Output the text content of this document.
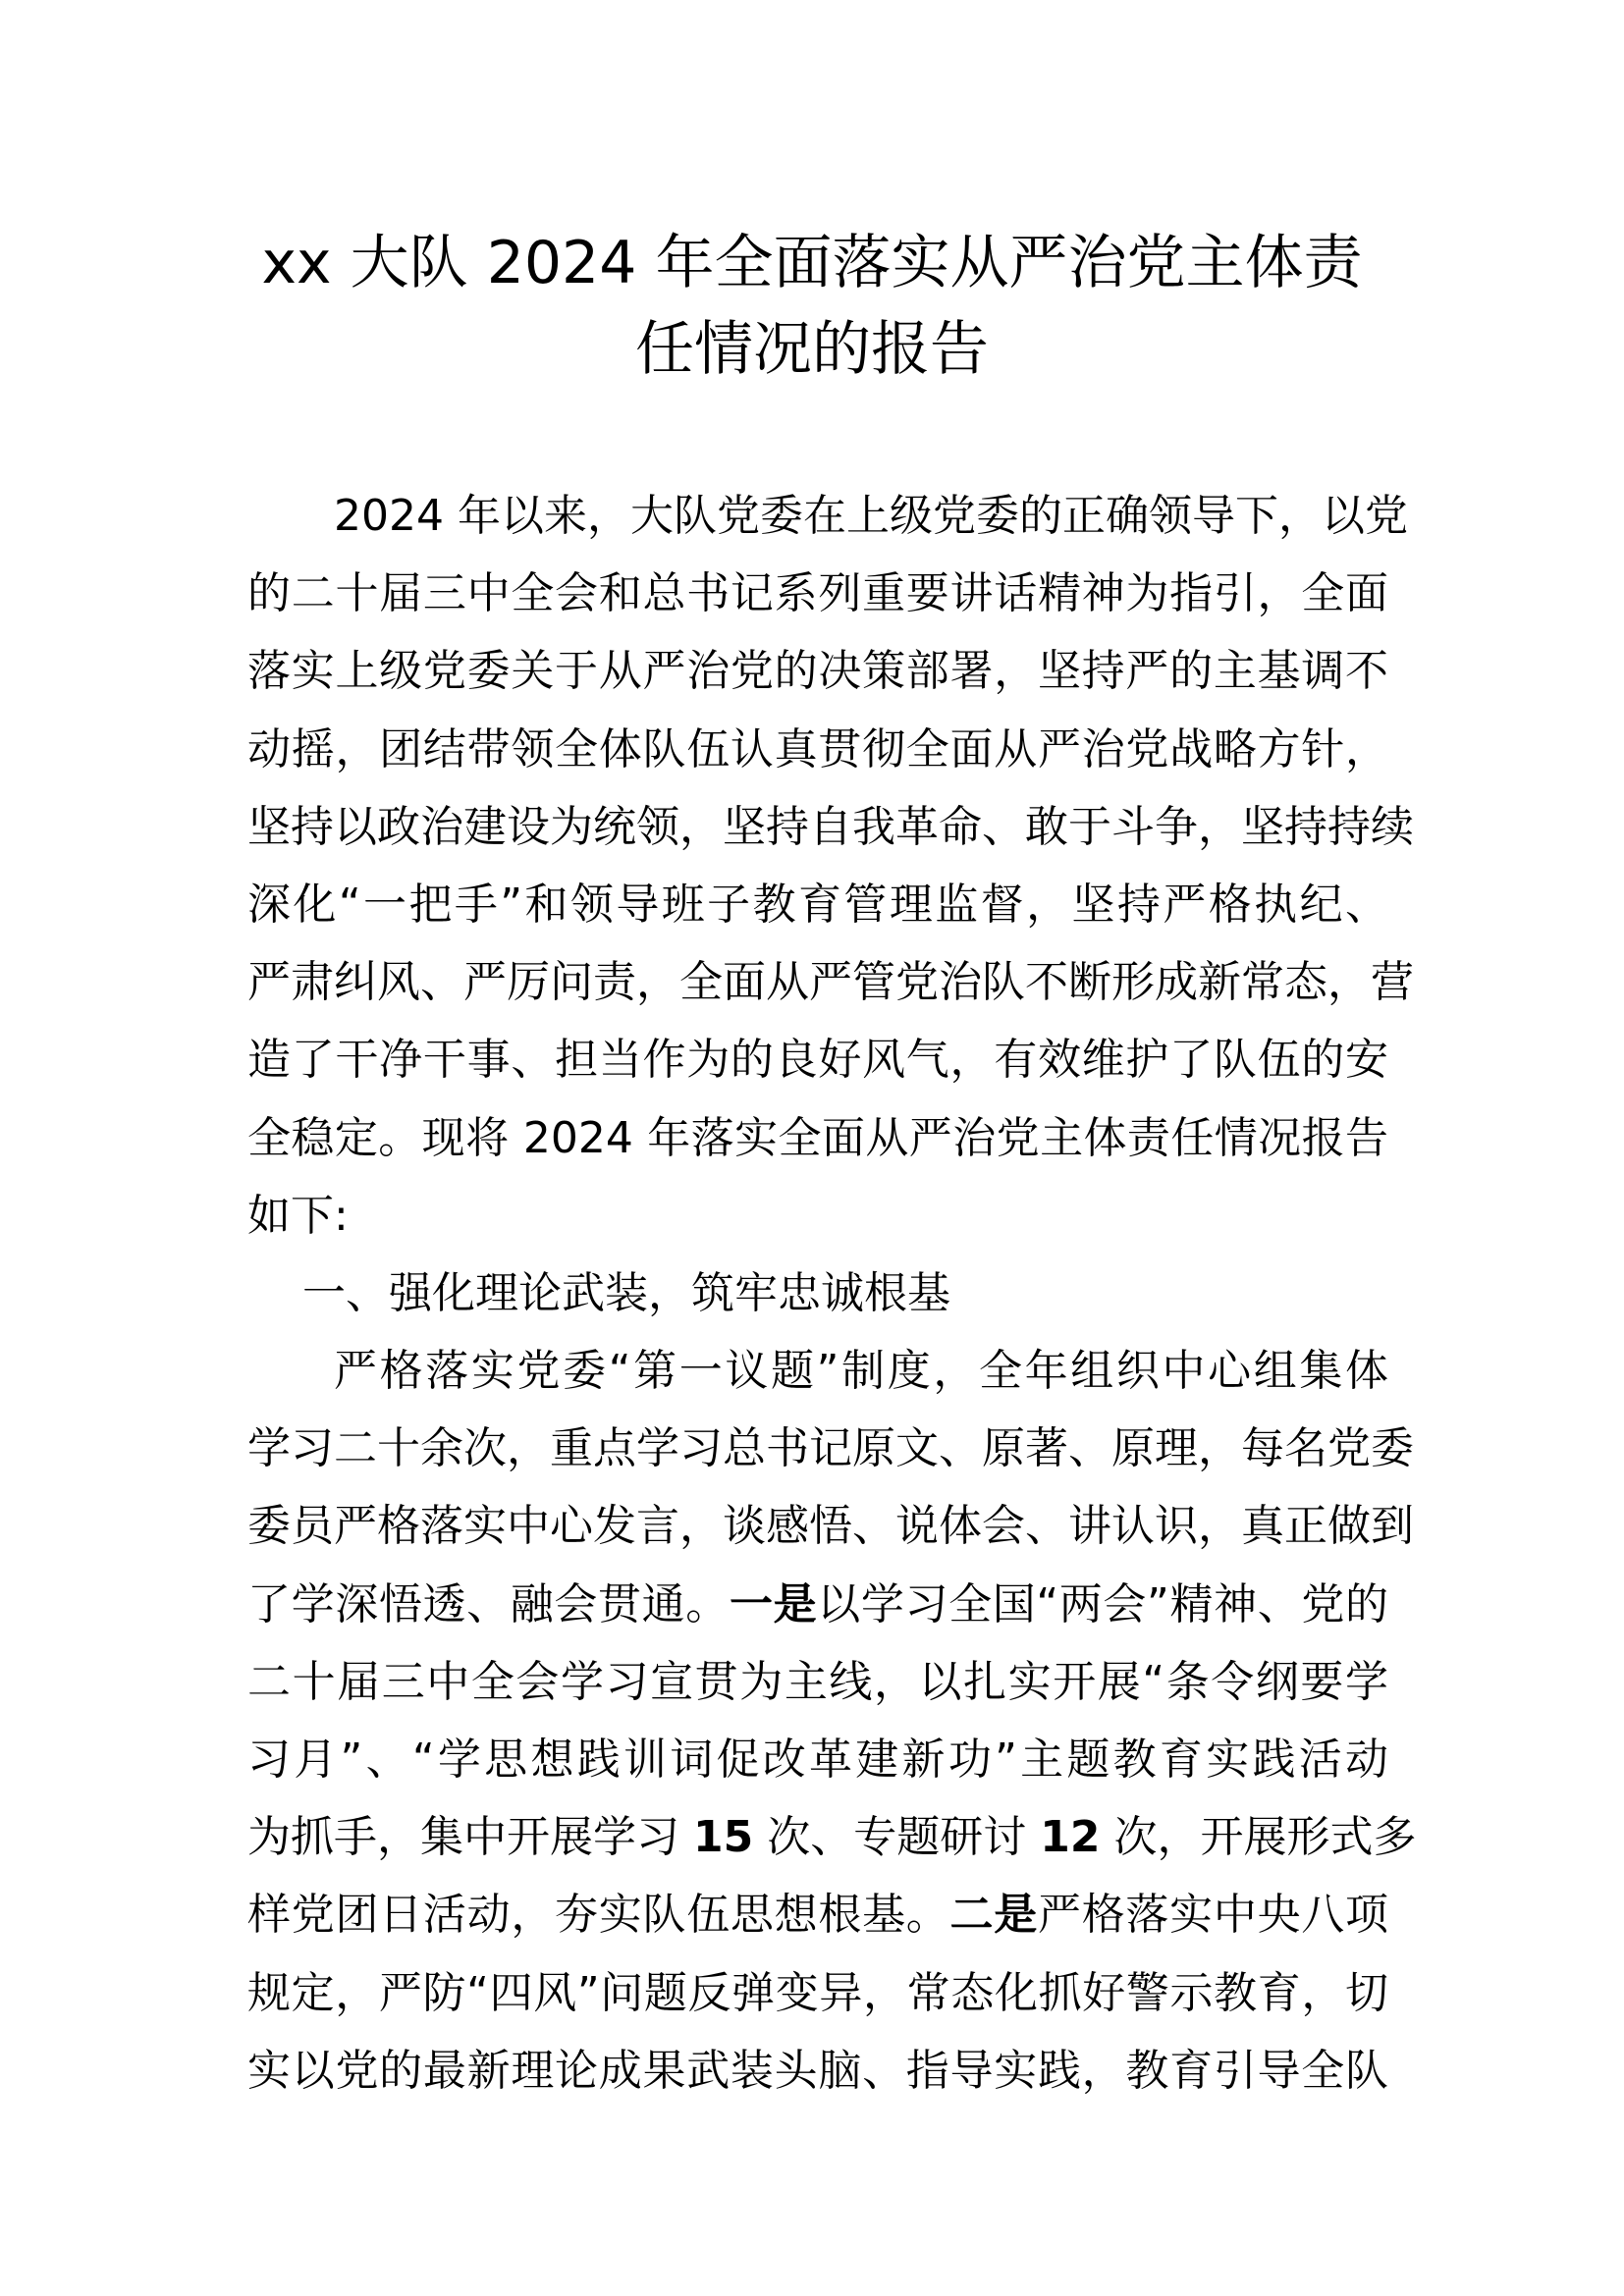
xx 大队 2024 年全面落实从严治党主体责
任情况的报告
2024 年以来，大队党委在上级党委的正确领导下，以党
的二十届三中全会和总书记系列重要讲话精神为指引，全面
落实上级党委关于从严治党的决策部署，坚持严的主基调不
动摇，团结带领全体队伍认真贯彻全面从严治党战略方针，
坚持以政治建设为统领，坚持自我革命、敢于斗争，坚持持续
深化“一把手”和领导班子教育管理监督，坚持严格执纪、
严肃纠风、严厉问责，全面从严管党治队不断形成新常态，营
造了干净干事、担当作为的良好风气，有效维护了队伍的安
全稳定。现将 2024 年落实全面从严治党主体责任情况报告
如下:
一、强化理论武装，筑牢忠诚根基
严格落实党委“第一议题”制度，全年组织中心组集体
学习二十余次，重点学习总书记原文、原著、原理，每名党委
委员严格落实中心发言，谈感悟、说体会、讲认识，真正做到
了学深悟透、融会贯通。一是以学习全国“两会”精神、党的
二十届三中全会学习宣贯为主线，以扎实开展“条令纲要学
习月”、“学思想践训词促改革建新功”主题教育实践活动
为抓手，集中开展学习 15 次、专题研讨 12 次，开展形式多
样党团日活动，夯实队伍思想根基。二是严格落实中央八项
规定，严防“四风”问题反弹变异，常态化抓好警示教育，切
实以党的最新理论成果武装头脑、指导实践，教育引导全队
